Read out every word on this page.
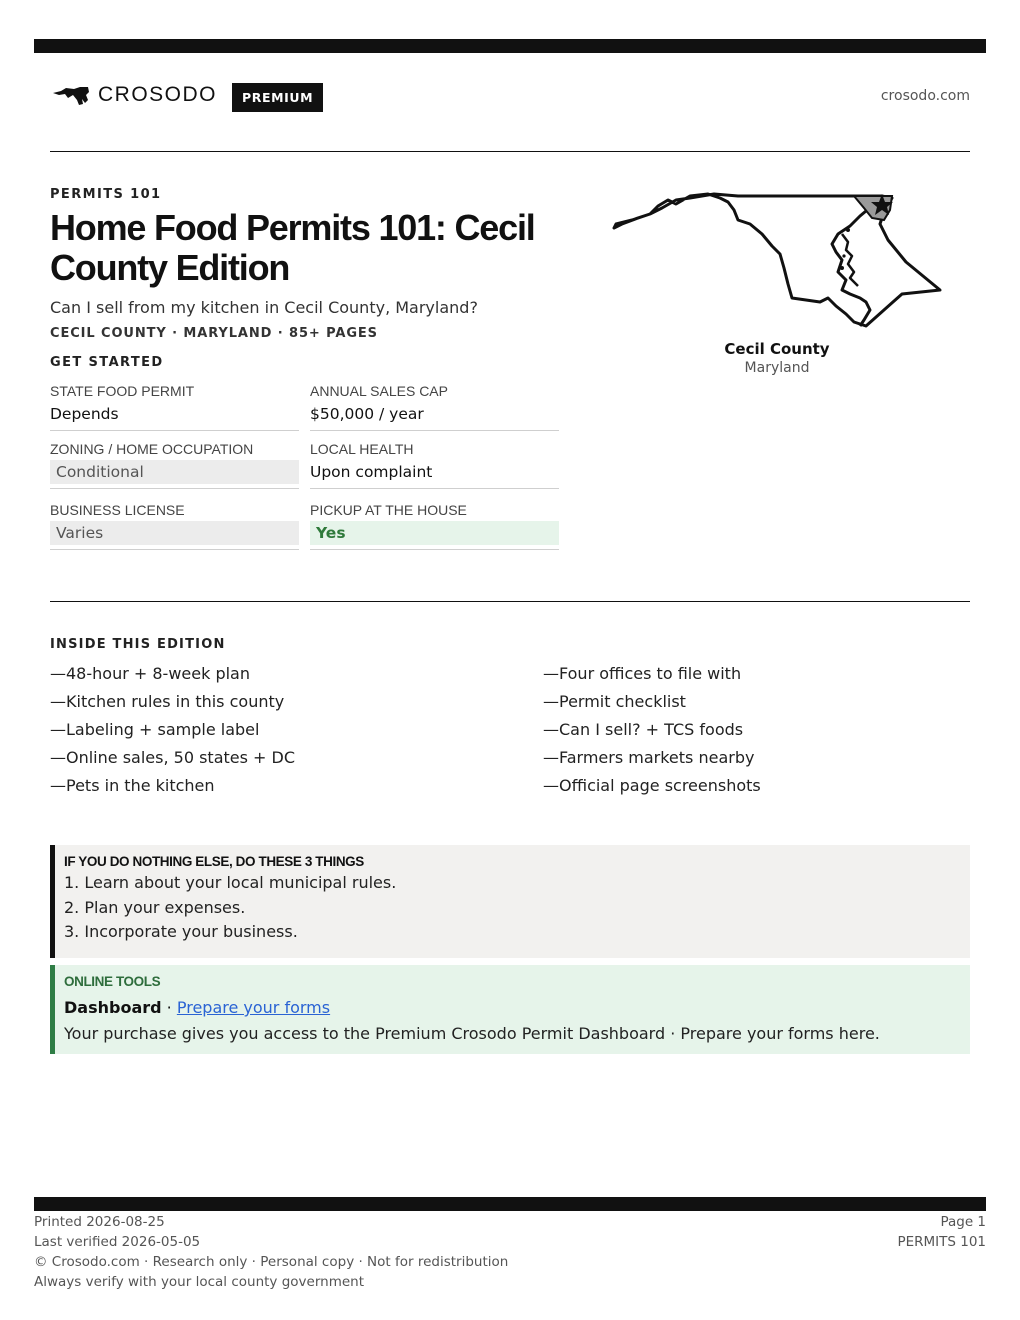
CROSODO	PREMIUM	crosodo.com
PERMITS 101
Home Food Permits 101: Cecil County Edition
Can I sell from my kitchen in Cecil County, Maryland?
CECIL COUNTY · MARYLAND · 85+ PAGES
GET STARTED
STATE FOOD PERMIT
Depends
ANNUAL SALES CAP
$50,000 / year
ZONING / HOME OCCUPATION
Conditional
LOCAL HEALTH
Upon complaint
BUSINESS LICENSE
Varies
PICKUP AT THE HOUSE
Yes
Cecil County
Maryland
INSIDE THIS EDITION
—48-hour + 8-week plan
—Kitchen rules in this county
—Labeling + sample label
—Online sales, 50 states + DC
—Pets in the kitchen
—Four offices to file with
—Permit checklist
—Can I sell? + TCS foods
—Farmers markets nearby
—Official page screenshots
IF YOU DO NOTHING ELSE, DO THESE 3 THINGS
1. Learn about your local municipal rules.
2. Plan your expenses.
3. Incorporate your business.
ONLINE TOOLS
Dashboard · Prepare your forms
Your purchase gives you access to the Premium Crosodo Permit Dashboard · Prepare your forms here.
Printed 2026-08-25
Last verified 2026-05-05
© Crosodo.com · Research only · Personal copy · Not for redistribution
Always verify with your local county government
Page 1
PERMITS 101
